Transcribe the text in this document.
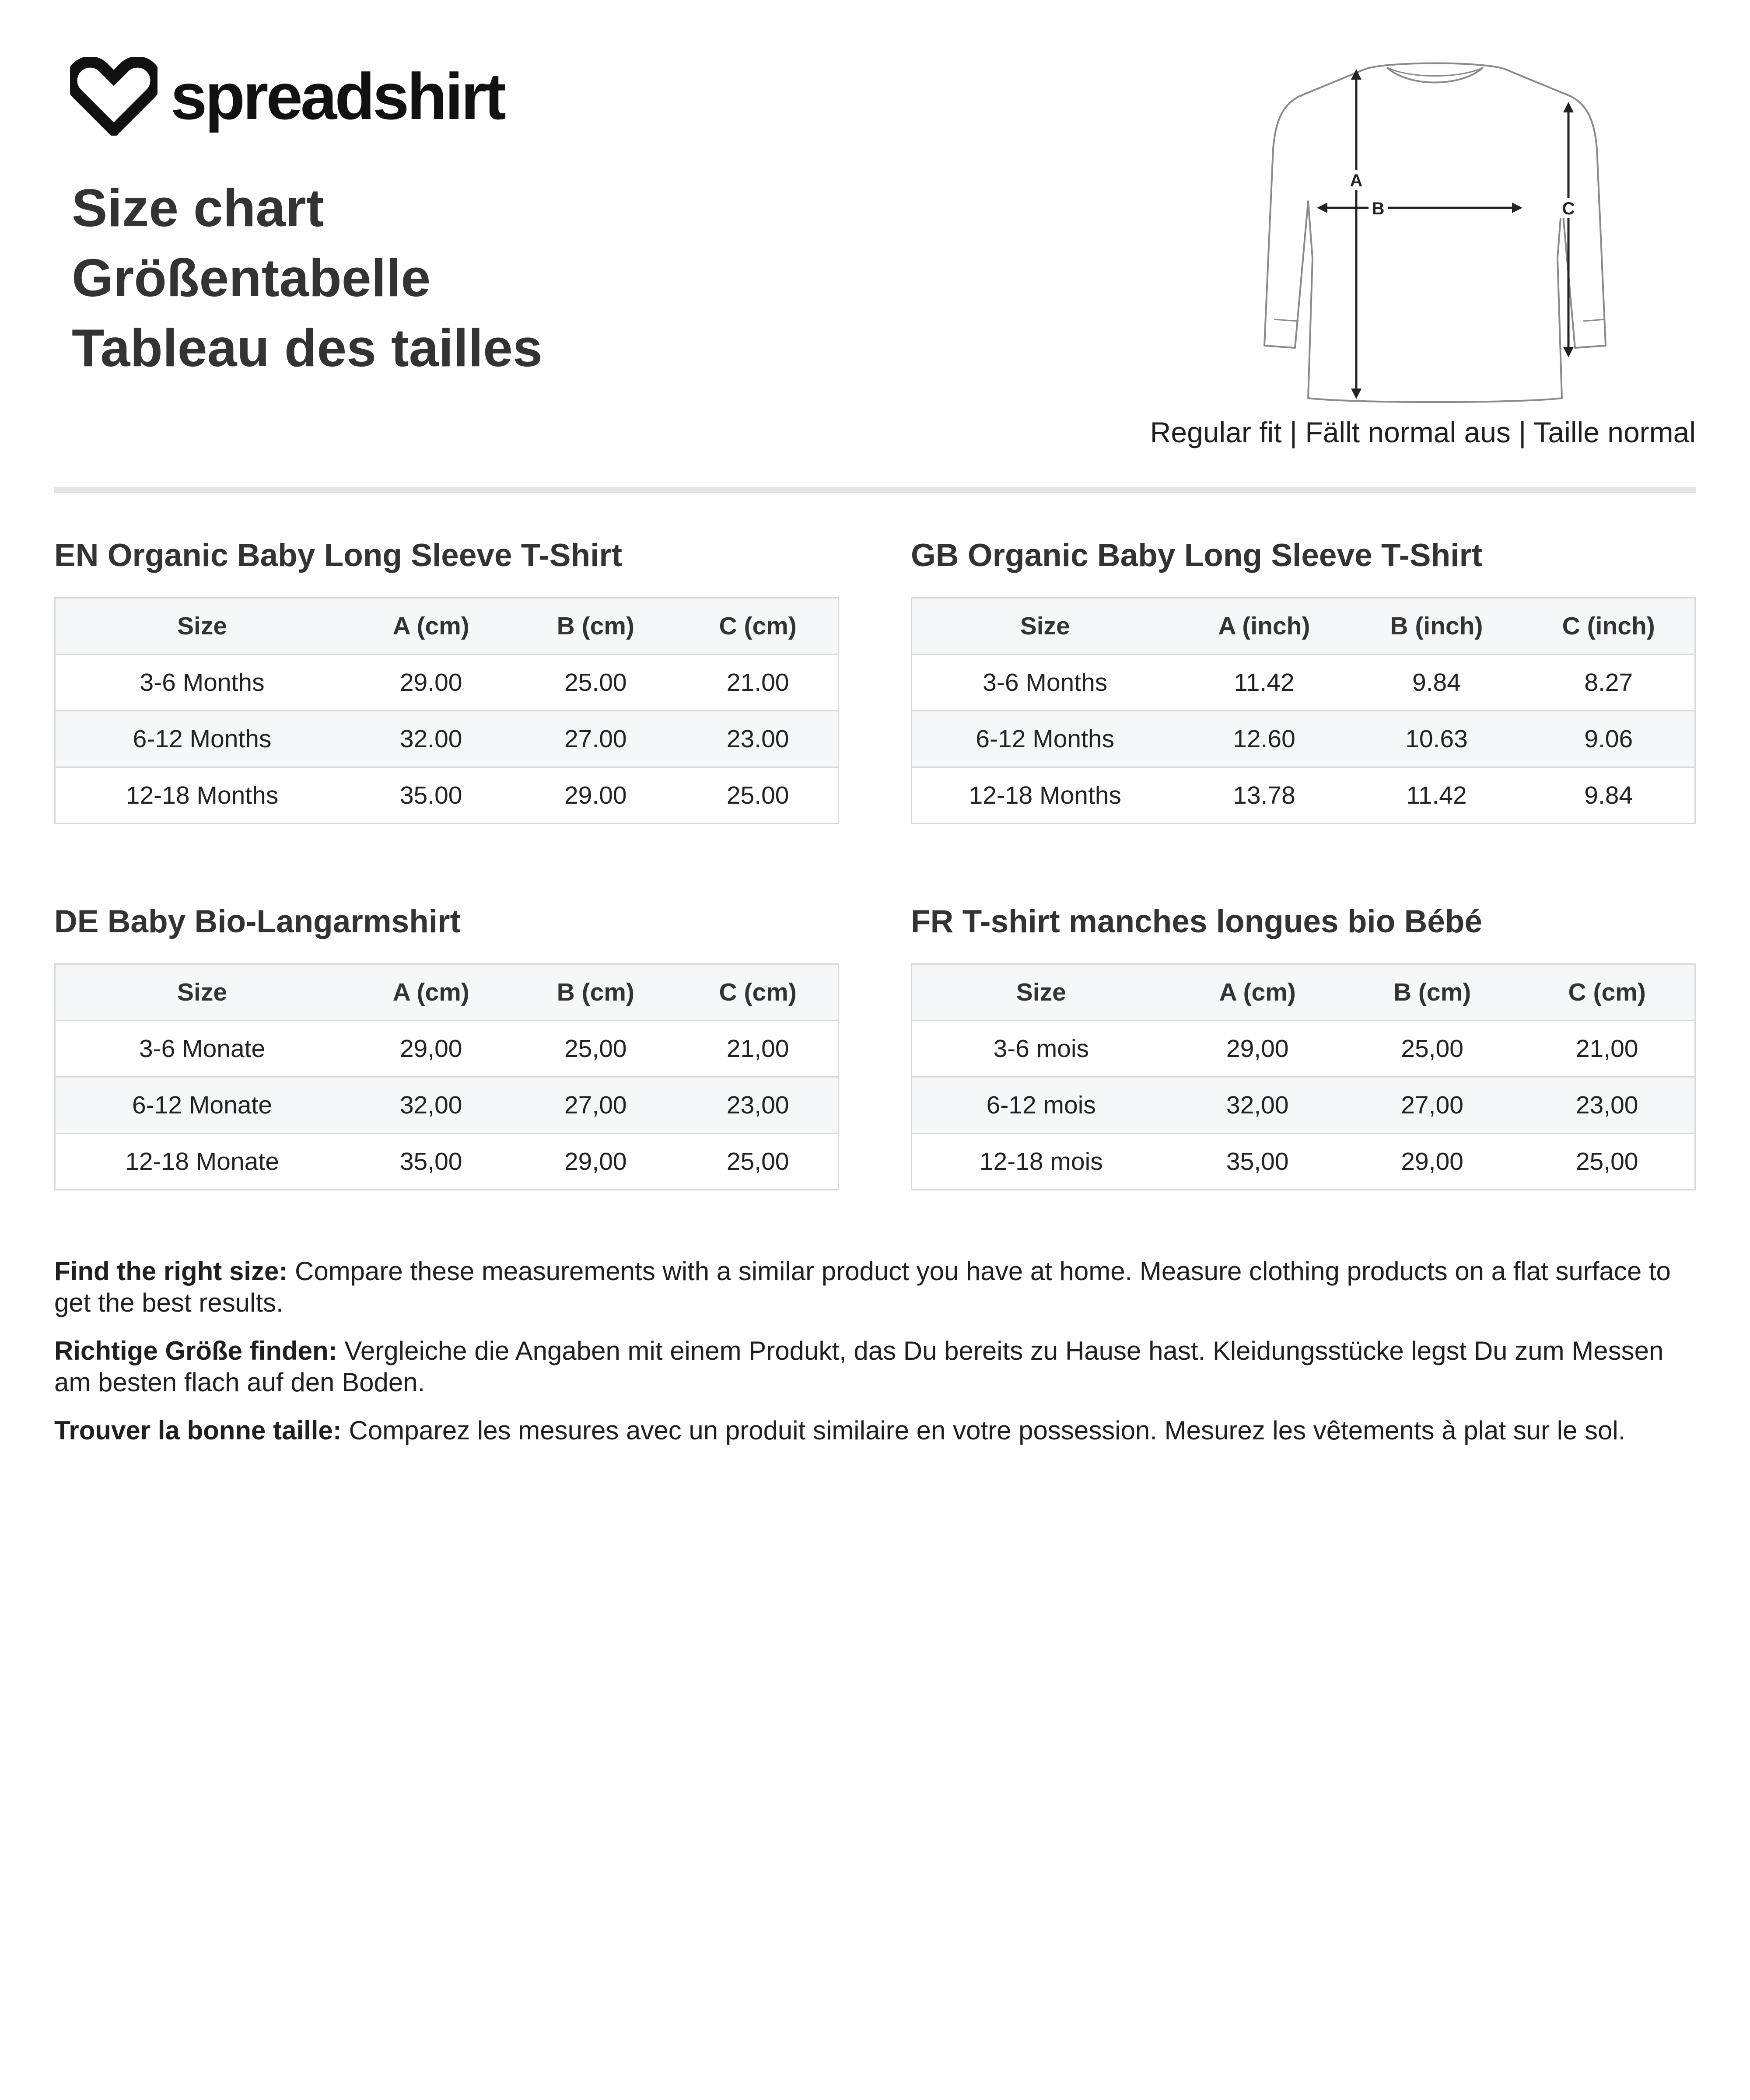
spreadshirt
Size chart
Größentabelle
Tableau des tailles
A
B	C
Regular fit | Fällt normal aus | Taille normal
EN Organic Baby Long Sleeve T-Shirt
Size	A (cm)	B (cm)	C (cm)
3-6 Months	29.00	25.00	21.00
6-12 Months	32.00	27.00	23.00
12-18 Months	35.00	29.00	25.00
GB Organic Baby Long Sleeve T-Shirt
Size	A (inch)	B (inch)	C (inch)
3-6 Months	11.42	9.84	8.27
6-12 Months	12.60	10.63	9.06
12-18 Months	13.78	11.42	9.84
DE Baby Bio-Langarmshirt
Size	A (cm)	B (cm)	C (cm)
3-6 Monate	29,00	25,00	21,00
6-12 Monate	32,00	27,00	23,00
12-18 Monate	35,00	29,00	25,00
FR T-shirt manches longues bio Bébé
Size	A (cm)	B (cm)	C (cm)
3-6 mois	29,00	25,00	21,00
6-12 mois	32,00	27,00	23,00
12-18 mois	35,00	29,00	25,00
Find the right size: Compare these measurements with a similar product you have at home. Measure clothing products on a flat surface to get the best results.
Richtige Größe finden: Vergleiche die Angaben mit einem Produkt, das Du bereits zu Hause hast. Kleidungsstücke legst Du zum Messen am besten flach auf den Boden.
Trouver la bonne taille: Comparez les mesures avec un produit similaire en votre possession. Mesurez les vêtements à plat sur le sol.
